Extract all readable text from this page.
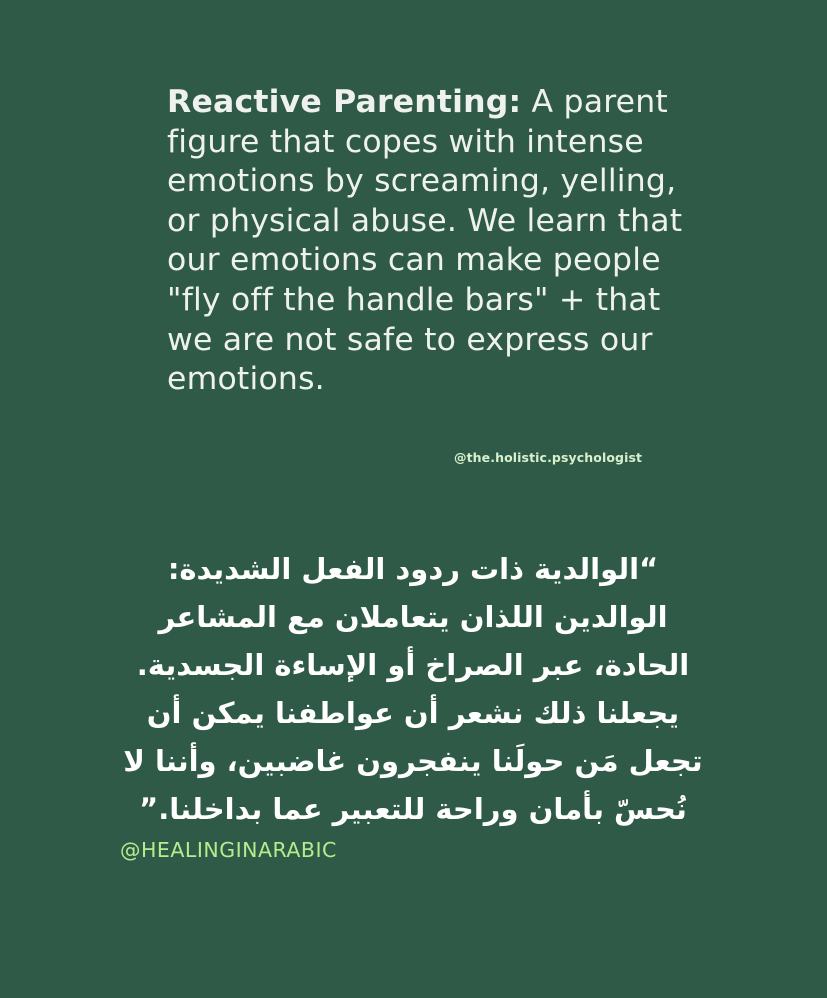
Reactive Parenting: A parent figure that copes with intense emotions by screaming, yelling, or physical abuse. We learn that our emotions can make people "fly off the handle bars" + that we are not safe to express our emotions.

@the.holistic.psychologist

“الوالدية ذات ردود الفعل الشديدة:
الوالدين اللذان يتعاملان مع المشاعر
الحادة، عبر الصراخ أو الإساءة الجسدية.
يجعلنا ذلك نشعر أن عواطفنا يمكن أن
تجعل مَن حولَنا ينفجرون غاضبين، وأننا لا
نُحسّ بأمان وراحة للتعبير عما بداخلنا.”

@HEALINGINARABIC
